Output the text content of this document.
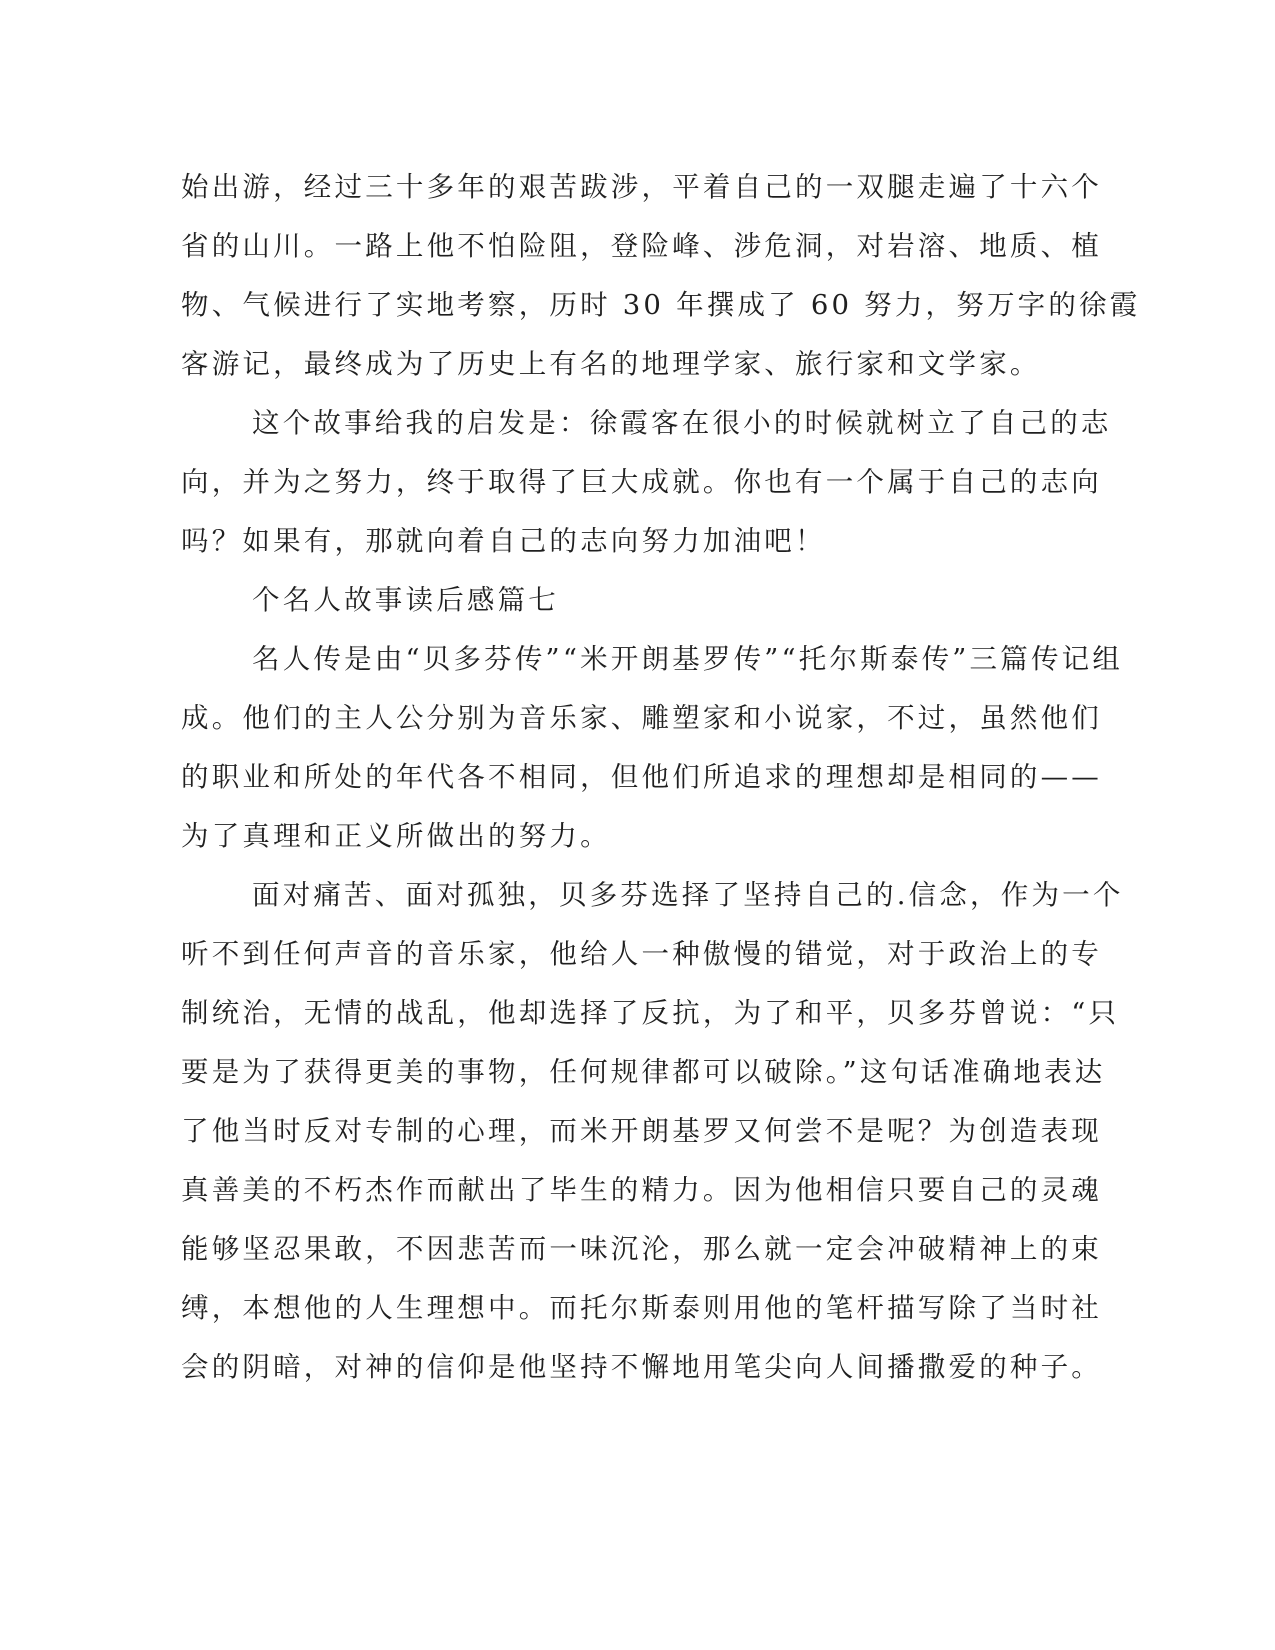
始出游，经过三十多年的艰苦跋涉，平着自己的一双腿走遍了十六个
省的山川。一路上他不怕险阻，登险峰、涉危洞，对岩溶、地质、植
物、气候进行了实地考察，历时 30 年撰成了 60 努力，努万字的徐霞
客游记，最终成为了历史上有名的地理学家、旅行家和文学家。
这个故事给我的启发是：徐霞客在很小的时候就树立了自己的志
向，并为之努力，终于取得了巨大成就。你也有一个属于自己的志向
吗？如果有，那就向着自己的志向努力加油吧！
个名人故事读后感篇七
名人传是由“贝多芬传”“米开朗基罗传”“托尔斯泰传”三篇传记组
成。他们的主人公分别为音乐家、雕塑家和小说家，不过，虽然他们
的职业和所处的年代各不相同，但他们所追求的理想却是相同的——
为了真理和正义所做出的努力。
面对痛苦、面对孤独，贝多芬选择了坚持自己的.信念，作为一个
听不到任何声音的音乐家，他给人一种傲慢的错觉，对于政治上的专
制统治，无情的战乱，他却选择了反抗，为了和平，贝多芬曾说：“只
要是为了获得更美的事物，任何规律都可以破除。”这句话准确地表达
了他当时反对专制的心理，而米开朗基罗又何尝不是呢？为创造表现
真善美的不朽杰作而献出了毕生的精力。因为他相信只要自己的灵魂
能够坚忍果敢，不因悲苦而一味沉沦，那么就一定会冲破精神上的束
缚，本想他的人生理想中。而托尔斯泰则用他的笔杆描写除了当时社
会的阴暗，对神的信仰是他坚持不懈地用笔尖向人间播撒爱的种子。
